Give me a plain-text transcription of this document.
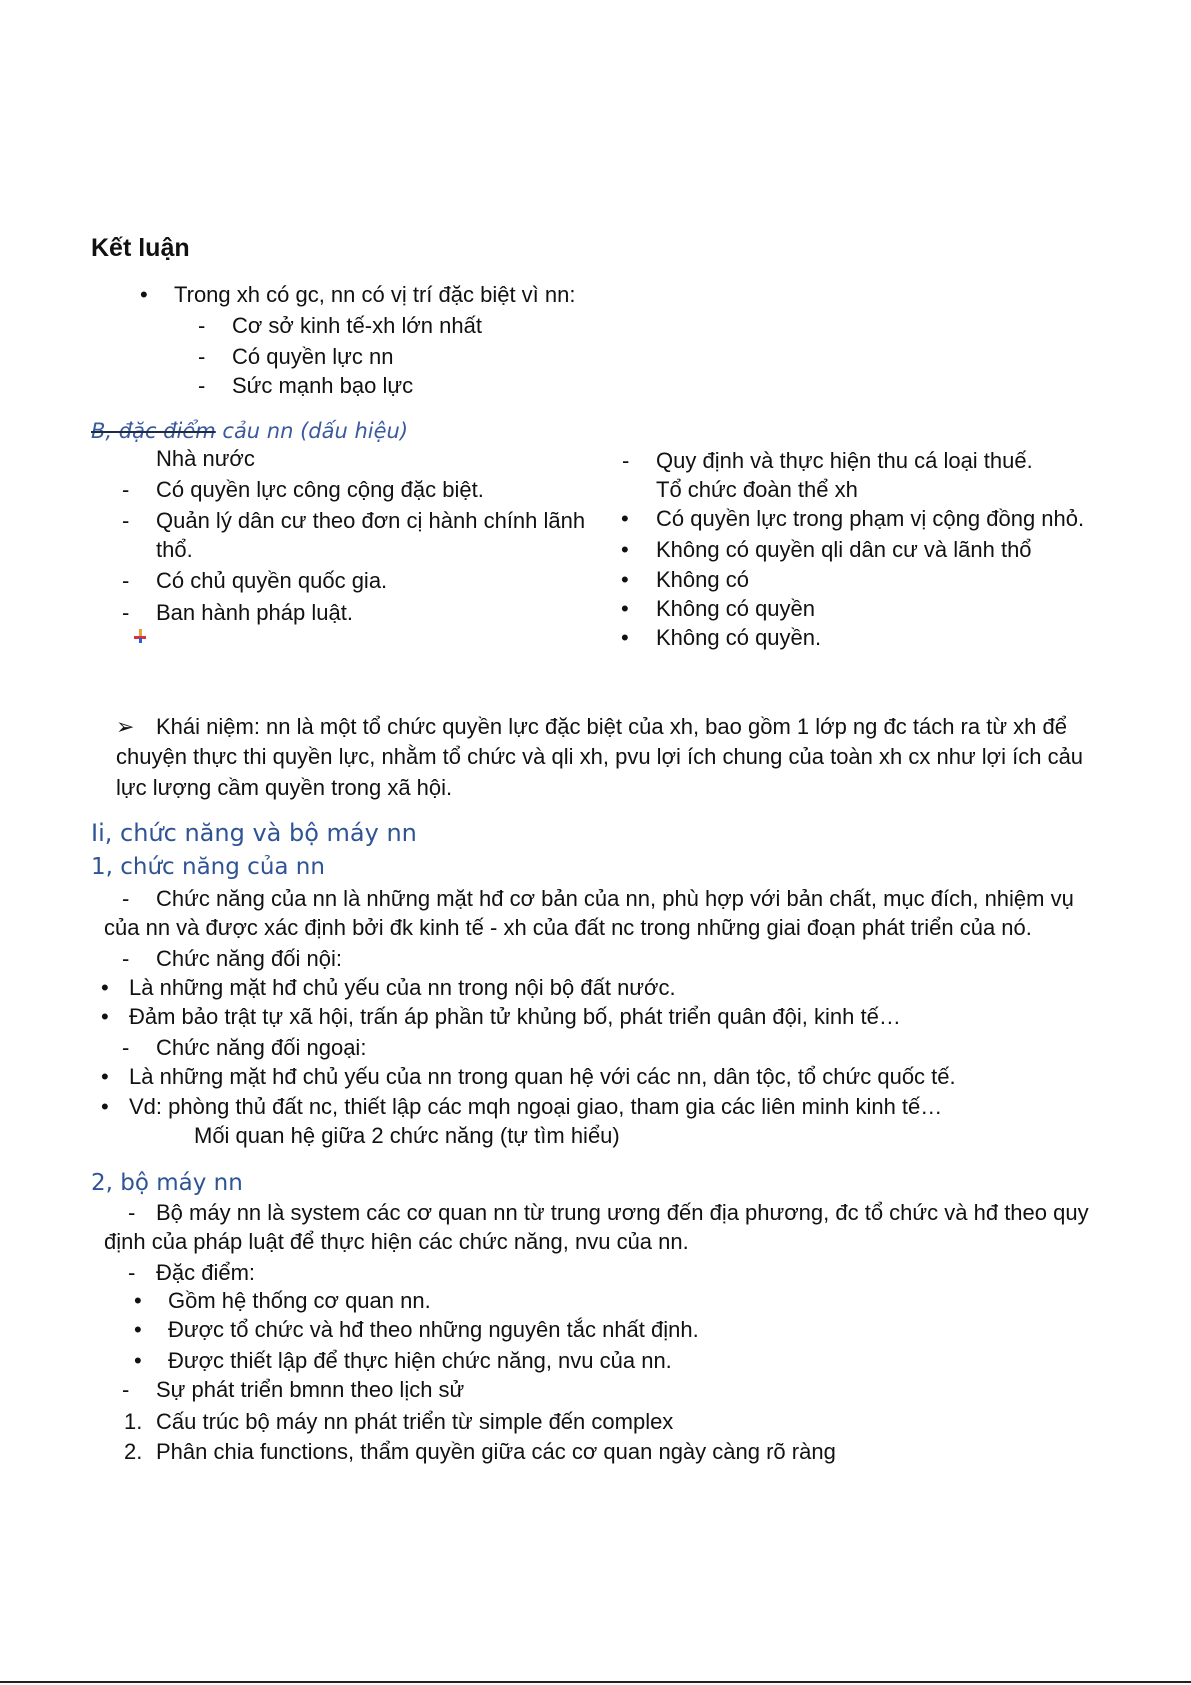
Kết luận
• Trong xh có gc, nn có vị trí đặc biệt vì nn:
- Cơ sở kinh tế-xh lớn nhất
- Có quyền lực nn
- Sức mạnh bạo lực
B, đặc điểm cảu nn (dấu hiệu)
Nhà nước
- Có quyền lực công cộng đặc biệt.
- Quản lý dân cư theo đơn cị hành chính lãnh
thổ.
- Có chủ quyền quốc gia.
- Ban hành pháp luật.
- Quy định và thực hiện thu cá loại thuế.
Tổ chức đoàn thể xh
• Có quyền lực trong phạm vị cộng đồng nhỏ.
• Không có quyền qli dân cư và lãnh thổ
• Không có
• Không có quyền
• Không có quyền.
➢ Khái niệm: nn là một tổ chức quyền lực đặc biệt của xh, bao gồm 1 lớp ng đc tách ra từ xh để
chuyện thực thi quyền lực, nhằm tổ chức và qli xh, pvu lợi ích chung của toàn xh cx như lợi ích cảu
lực lượng cầm quyền trong xã hội.
Ii, chức năng và bộ máy nn
1, chức năng của nn
- Chức năng của nn là những mặt hđ cơ bản của nn, phù hợp với bản chất, mục đích, nhiệm vụ
của nn và được xác định bởi đk kinh tế - xh của đất nc trong những giai đoạn phát triển của nó.
- Chức năng đối nội:
• Là những mặt hđ chủ yếu của nn trong nội bộ đất nước.
• Đảm bảo trật tự xã hội, trấn áp phần tử khủng bố, phát triển quân đội, kinh tế…
- Chức năng đối ngoại:
• Là những mặt hđ chủ yếu của nn trong quan hệ với các nn, dân tộc, tổ chức quốc tế.
• Vd: phòng thủ đất nc, thiết lập các mqh ngoại giao, tham gia các liên minh kinh tế…
Mối quan hệ giữa 2 chức năng (tự tìm hiểu)
2, bộ máy nn
- Bộ máy nn là system các cơ quan nn từ trung ương đến địa phương, đc tổ chức và hđ theo quy
định của pháp luật để thực hiện các chức năng, nvu của nn.
- Đặc điểm:
• Gồm hệ thống cơ quan nn.
• Được tổ chức và hđ theo những nguyên tắc nhất định.
• Được thiết lập để thực hiện chức năng, nvu của nn.
- Sự phát triển bmnn theo lịch sử
1. Cấu trúc bộ máy nn phát triển từ simple đến complex
2. Phân chia functions, thẩm quyền giữa các cơ quan ngày càng rõ ràng
